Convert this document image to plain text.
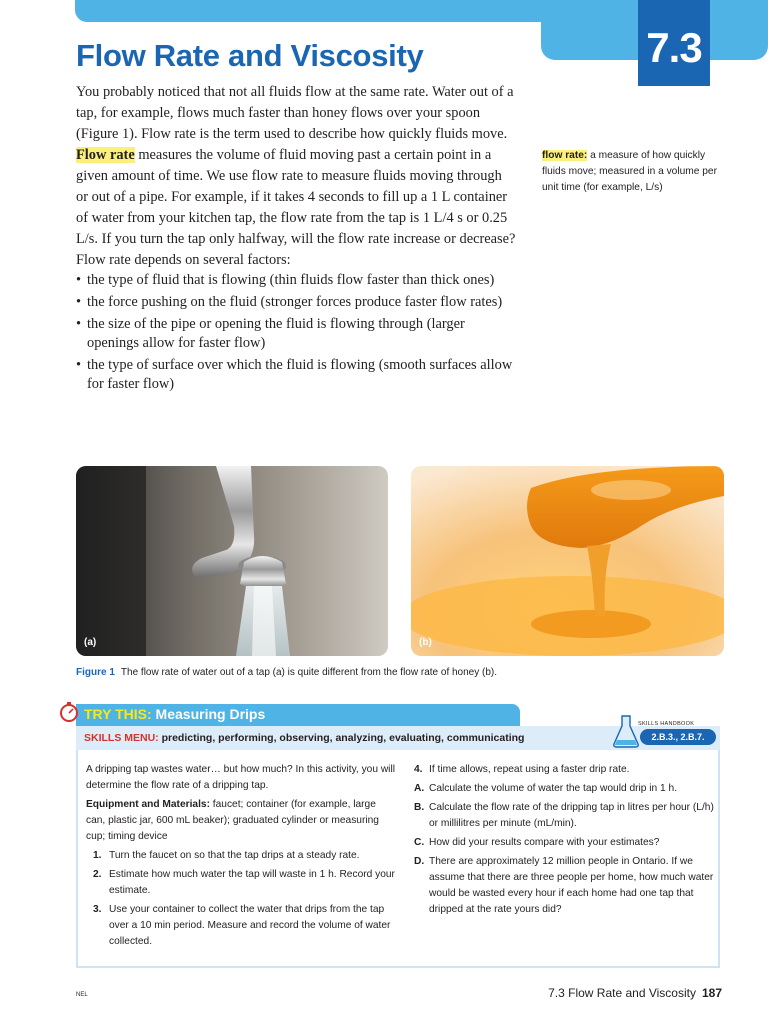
7.3
Flow Rate and Viscosity

You probably noticed that not all fluids flow at the same rate. Water out of a tap, for example, flows much faster than honey flows over your spoon (Figure 1). Flow rate is the term used to describe how quickly fluids move. Flow rate measures the volume of fluid moving past a certain point in a given amount of time. We use flow rate to measure fluids moving through or out of a pipe. For example, if it takes 4 seconds to fill up a 1 L container of water from your kitchen tap, the flow rate from the tap is 1 L/4 s or 0.25 L/s. If you turn the tap only halfway, will the flow rate increase or decrease? Flow rate depends on several factors:

• the type of fluid that is flowing (thin fluids flow faster than thick ones)
• the force pushing on the fluid (stronger forces produce faster flow rates)
• the size of the pipe or opening the fluid is flowing through (larger openings allow for faster flow)
• the type of surface over which the fluid is flowing (smooth surfaces allow for faster flow)
flow rate: a measure of how quickly fluids move; measured in a volume per unit time (for example, L/s)
(a)	(b)
Figure 1 The flow rate of water out of a tap (a) is quite different from the flow rate of honey (b).
TRY THIS: Measuring Drips
SKILLS MENU: predicting, performing, observing, analyzing, evaluating, communicating
SKILLS HANDBOOK
2.B.3., 2.B.7.

A dripping tap wastes water… but how much? In this activity, you will determine the flow rate of a dripping tap.

Equipment and Materials: faucet; container (for example, large can, plastic jar, 600 mL beaker); graduated cylinder or measuring cup; timing device

1. Turn the faucet on so that the tap drips at a steady rate.
2. Estimate how much water the tap will waste in 1 h. Record your estimate.
3. Use your container to collect the water that drips from the tap over a 10 min period. Measure and record the volume of water collected.
4. If time allows, repeat using a faster drip rate.
A. Calculate the volume of water the tap would drip in 1 h.
B. Calculate the flow rate of the dripping tap in litres per hour (L/h) or millilitres per minute (mL/min).
C. How did your results compare with your estimates?
D. There are approximately 12 million people in Ontario. If we assume that there are three people per home, how much water would be wasted every hour if each home had one tap that dripped at the rate yours did?
NEL	7.3 Flow Rate and Viscosity 187
